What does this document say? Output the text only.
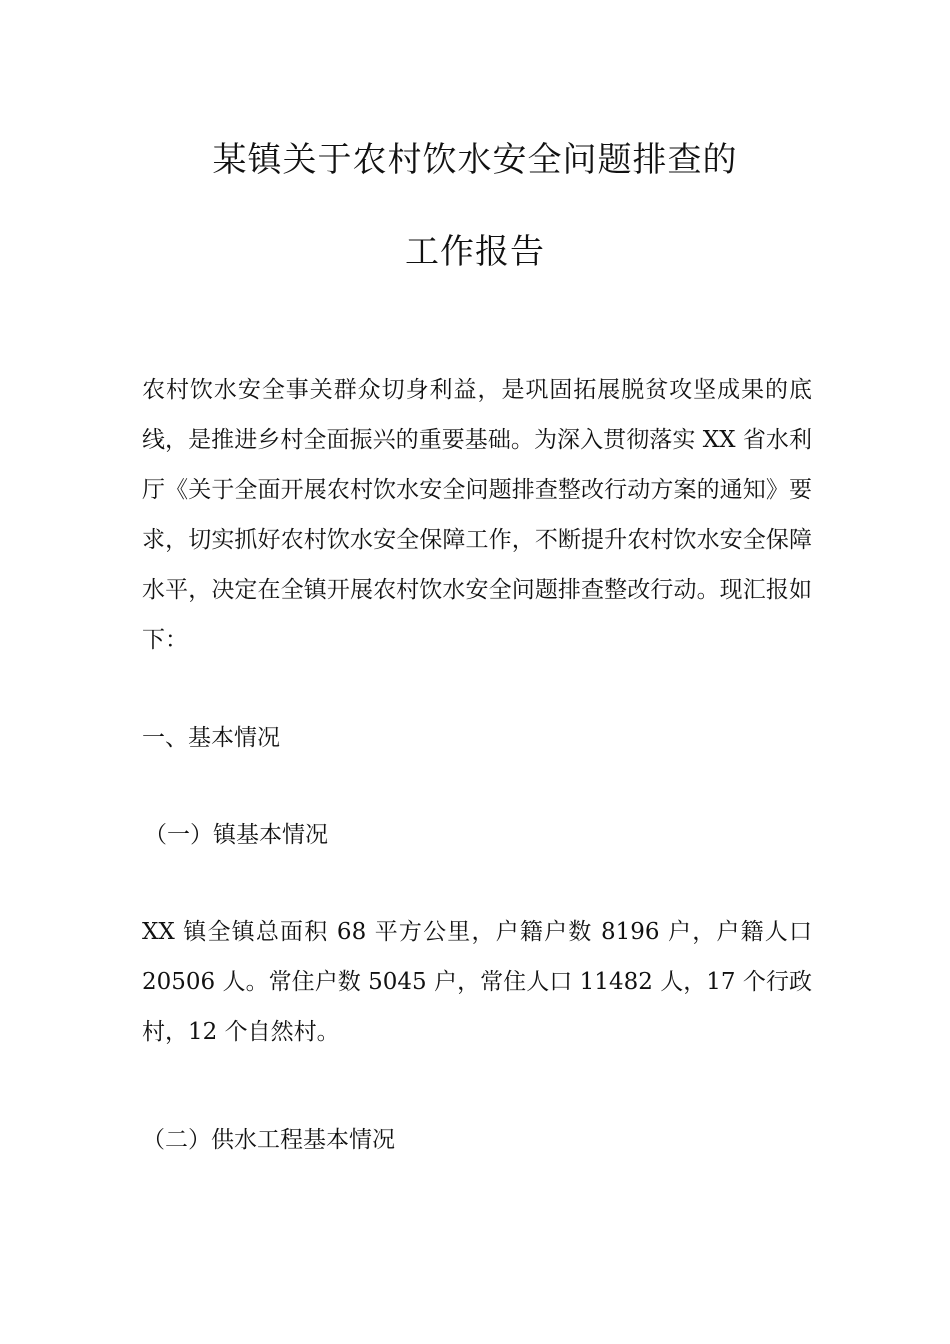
某镇关于农村饮水安全问题排查的
工作报告
农村饮水安全事关群众切身利益，是巩固拓展脱贫攻坚成果的底线，是推进乡村全面振兴的重要基础。为深入贯彻落实 XX 省水利厅《关于全面开展农村饮水安全问题排查整改行动方案的通知》要求，切实抓好农村饮水安全保障工作，不断提升农村饮水安全保障水平，决定在全镇开展农村饮水安全问题排查整改行动。现汇报如下：
一、基本情况
（一）镇基本情况
XX 镇全镇总面积 68 平方公里，户籍户数 8196 户，户籍人口 20506 人。常住户数 5045 户，常住人口 11482 人，17 个行政村，12 个自然村。
（二）供水工程基本情况
